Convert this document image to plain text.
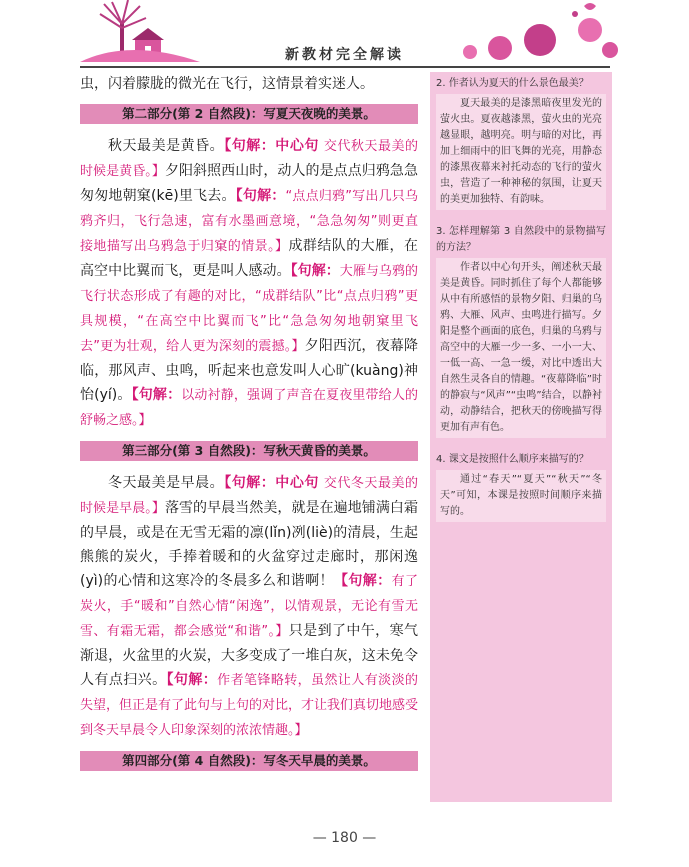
新教材完全解读

虫，闪着朦胧的微光在飞行，这情景着实迷人。

第二部分(第 2 自然段)：写夏天夜晚的美景。

秋天最美是黄昏。【句解：中心句 交代秋天最美的时候是黄昏。】夕阳斜照西山时，动人的是点点归鸦急急匆匆地朝窠(kē)里飞去。【句解：“点点归鸦”写出几只乌鸦齐归，飞行急速，富有水墨画意境，“急急匆匆”则更直接地描写出乌鸦急于归窠的情景。】成群结队的大雁，在高空中比翼而飞，更是叫人感动。【句解：大雁与乌鸦的飞行状态形成了有趣的对比，“成群结队”比“点点归鸦”更具规模，“在高空中比翼而飞”比“急急匆匆地朝窠里飞去”更为壮观，给人更为深刻的震撼。】夕阳西沉，夜幕降临，那风声、虫鸣，听起来也意发叫人心旷(kuàng)神怡(yí)。【句解：以动衬静，强调了声音在夏夜里带给人的舒畅之感。】

第三部分(第 3 自然段)：写秋天黄昏的美景。

冬天最美是早晨。【句解：中心句 交代冬天最美的时候是早晨。】落雪的早晨当然美，就是在遍地铺满白霜的早晨，或是在无雪无霜的凛(lǐn)冽(liè)的清晨，生起熊熊的炭火，手捧着暖和的火盆穿过走廊时，那闲逸(yì)的心情和这寒冷的冬晨多么和谐啊！【句解：有了炭火，手“暖和”自然心情“闲逸”，以情观景，无论有雪无雪、有霜无霜，都会感觉“和谐”。】只是到了中午，寒气渐退，火盆里的火炭，大多变成了一堆白灰，这未免令人有点扫兴。【句解：作者笔锋略转，虽然让人有淡淡的失望，但正是有了此句与上句的对比，才让我们真切地感受到冬天早晨令人印象深刻的浓浓情趣。】

第四部分(第 4 自然段)：写冬天早晨的美景。

2. 作者认为夏天的什么景色最美？

夏天最美的是漆黑暗夜里发光的萤火虫。夏夜越漆黑，萤火虫的光亮越显眼，越明亮。明与暗的对比，再加上细雨中的旧飞舞的光亮，用静态的漆黑夜幕来衬托动态的飞行的萤火虫，营造了一种神秘的氛围，让夏天的美更加独特、有韵味。

3. 怎样理解第 3 自然段中的景物描写的方法？

作者以中心句开头，阐述秋天最美是黄昏。同时抓住了每个人都能够从中有所感悟的景物夕阳、归巢的乌鸦、大雁、风声、虫鸣进行描写。夕阳是整个画面的底色，归巢的乌鸦与高空中的大雁一少一多、一小一大、一低一高、一急一缓，对比中透出大自然生灵各自的情趣。“夜幕降临”时的静寂与“风声”“虫鸣”结合，以静衬动，动静结合，把秋天的傍晚描写得更加有声有色。

4. 课文是按照什么顺序来描写的？

通过“春天”“夏天”“秋天”“冬天”可知，本课是按照时间顺序来描写的。

— 180 —
